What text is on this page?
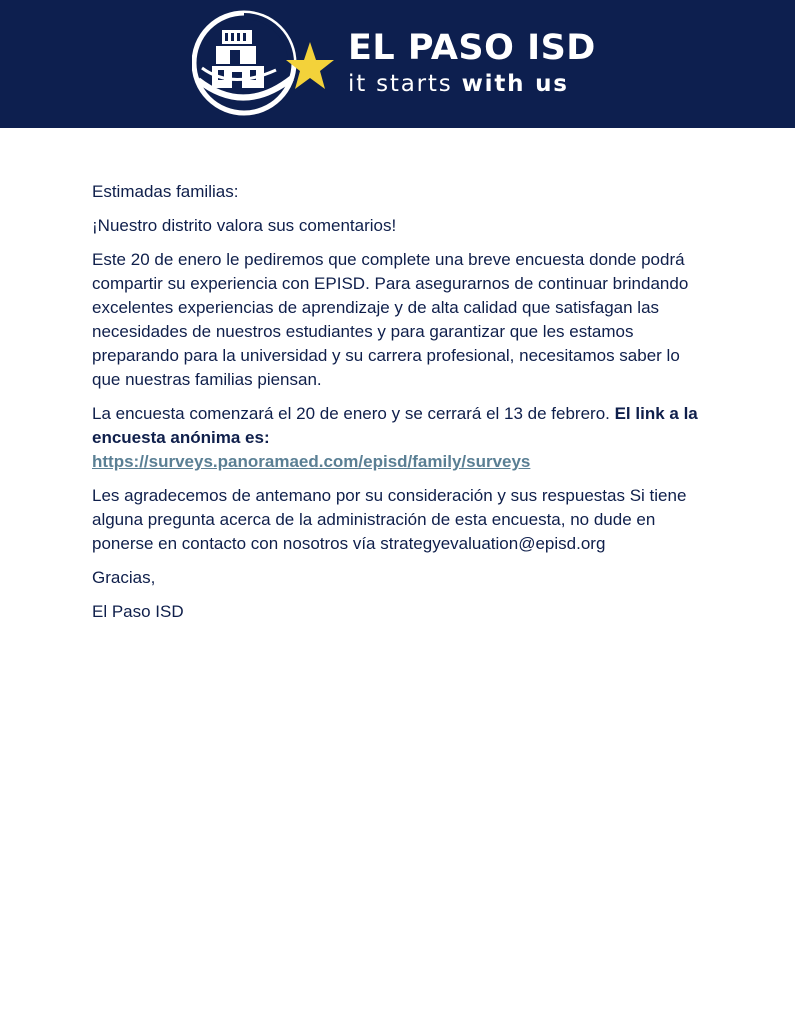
EL PASO ISD
it starts with us

Estimadas familias:

¡Nuestro distrito valora sus comentarios!

Este 20 de enero le pediremos que complete una breve encuesta donde podrá compartir su experiencia con EPISD. Para asegurarnos de continuar brindando excelentes experiencias de aprendizaje y de alta calidad que satisfagan las necesidades de nuestros estudiantes y para garantizar que les estamos preparando para la universidad y su carrera profesional, necesitamos saber lo que nuestras familias piensan.

La encuesta comenzará el 20 de enero y se cerrará el 13 de febrero. El link a la encuesta anónima es:
https://surveys.panoramaed.com/episd/family/surveys

Les agradecemos de antemano por su consideración y sus respuestas Si tiene alguna pregunta acerca de la administración de esta encuesta, no dude en ponerse en contacto con nosotros vía strategyevaluation@episd.org

Gracias,

El Paso ISD
